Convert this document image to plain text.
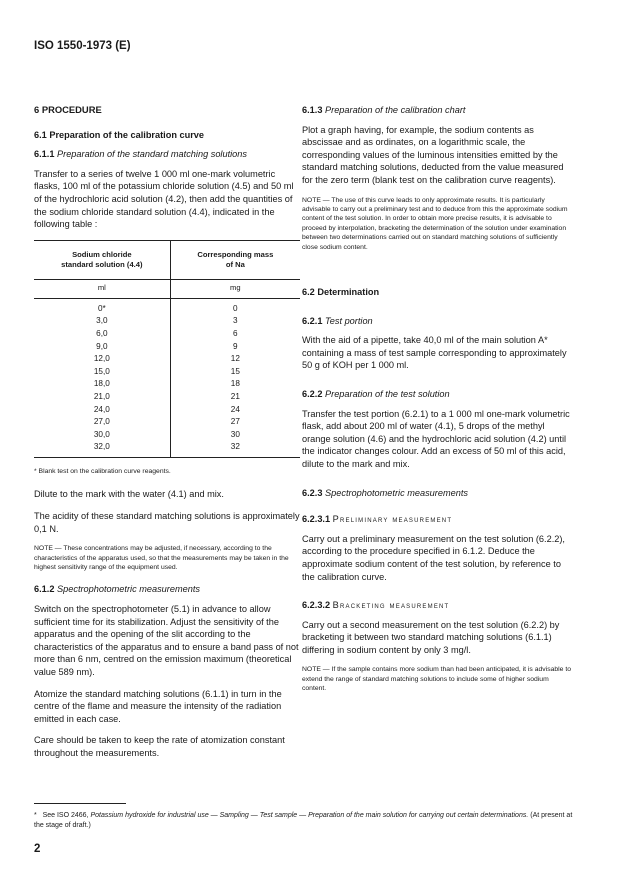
ISO 1550-1973 (E)
6 PROCEDURE
6.1 Preparation of the calibration curve
6.1.1 Preparation of the standard matching solutions

Transfer to a series of twelve 1 000 ml one-mark volumetric flasks, 100 ml of the potassium chloride solution (4.5) and 50 ml of the hydrochloric acid solution (4.2), then add the quantities of the sodium chloride standard solution (4.4), indicated in the following table :

Sodium chloride standard solution (4.4)	Corresponding mass of Na
ml	mg
0*	0
3,0	3
6,0	6
9,0	9
12,0	12
15,0	15
18,0	18
21,0	21
24,0	24
27,0	27
30,0	30
32,0	32
* Blank test on the calibration curve reagents.

Dilute to the mark with the water (4.1) and mix.

The acidity of these standard matching solutions is approximately 0,1 N.

NOTE — These concentrations may be adjusted, if necessary, according to the characteristics of the apparatus used, so that the measurements may be taken in the highest sensitivity range of the equipment used.
6.1.2 Spectrophotometric measurements

Switch on the spectrophotometer (5.1) in advance to allow sufficient time for its stabilization. Adjust the sensitivity of the apparatus and the opening of the slit according to the characteristics of the apparatus and to ensure a band pass of not more than 6 nm, centred on the emission maximum (theoretical value 589 nm).

Atomize the standard matching solutions (6.1.1) in turn in the centre of the flame and measure the intensity of the radiation emitted in each case.

Care should be taken to keep the rate of atomization constant throughout the measurements.

6.1.3 Preparation of the calibration chart

Plot a graph having, for example, the sodium contents as abscissae and as ordinates, on a logarithmic scale, the corresponding values of the luminous intensities emitted by the standard matching solutions, deducted from the value measured for the zero term (blank test on the calibration curve reagents).

NOTE — The use of this curve leads to only approximate results. It is particularly advisable to carry out a preliminary test and to deduce from this the approximate sodium content of the test solution. In order to obtain more precise results, it is advisable to proceed by interpolation, bracketing the determination of the solution under examination between two determinations carried out on standard matching solutions of sufficiently close sodium content.
6.2 Determination
6.2.1 Test portion

With the aid of a pipette, take 40,0 ml of the main solution A* containing a mass of test sample corresponding to approximately 50 g of KOH per 1 000 ml.

6.2.2 Preparation of the test solution

Transfer the test portion (6.2.1) to a 1 000 ml one-mark volumetric flask, add about 200 ml of water (4.1), 5 drops of the methyl orange solution (4.6) and the hydrochloric acid solution (4.2) until the indicator changes colour. Add an excess of 50 ml of this acid, dilute to the mark and mix.

6.2.3 Spectrophotometric measurements
6.2.3.1 Preliminary measurement

Carry out a preliminary measurement on the test solution (6.2.2), according to the procedure specified in 6.1.2. Deduce the approximate sodium content of the test solution, by reference to the calibration curve.

6.2.3.2 Bracketing measurement

Carry out a second measurement on the test solution (6.2.2) by bracketing it between two standard matching solutions (6.1.1) differing in sodium content by only 3 mg/l.

NOTE — If the sample contains more sodium than had been anticipated, it is advisable to extend the range of standard matching solutions to include some of higher sodium content.
* See ISO 2466, Potassium hydroxide for industrial use — Sampling — Test sample — Preparation of the main solution for carrying out certain determinations. (At present at the stage of draft.)
2
